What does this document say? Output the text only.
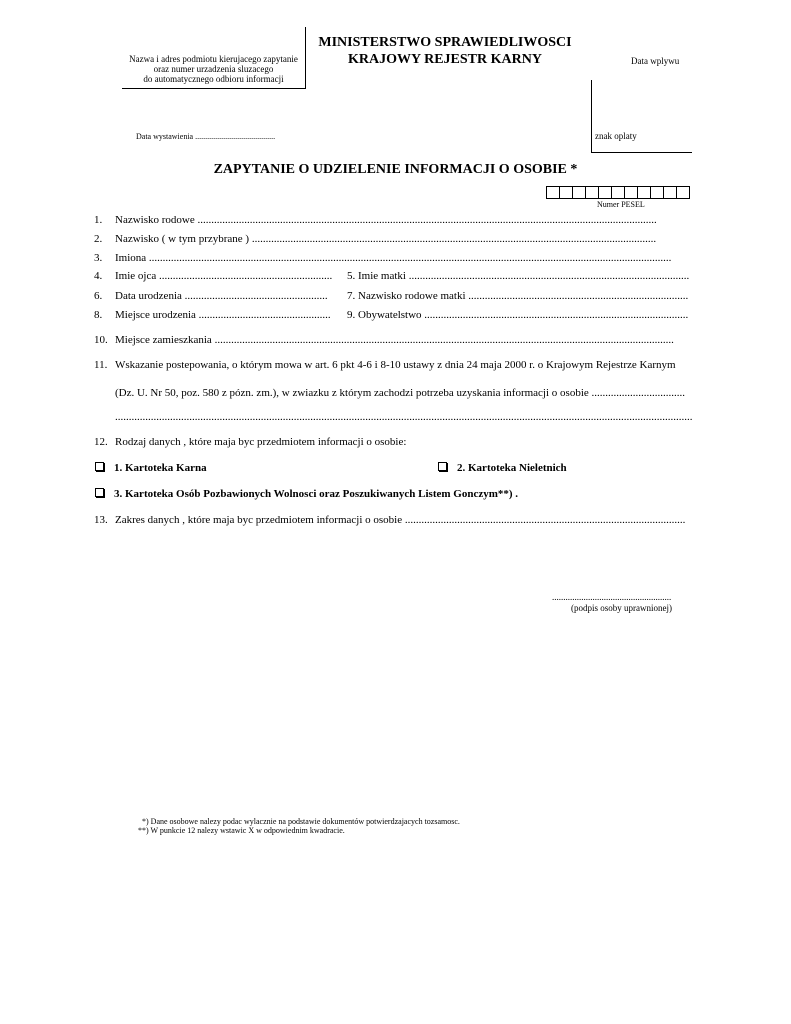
Nazwa i adres podmiotu kierujacego zapytanie
oraz numer urzadzenia sluzacego
do automatycznego odbioru informacji
MINISTERSTWO SPRAWIEDLIWOSCI
KRAJOWY REJESTR KARNY	Data wplywu
znak oplaty
Data wystawienia ........................................
ZAPYTANIE O UDZIELENIE INFORMACJI O OSOBIE *
Numer PESEL
1. Nazwisko rodowe .......................................................................................................................................................................
2. Nazwisko ( w tym przybrane ) ...................................................................................................................................................
3. Imiona ..............................................................................................................................................................................................
4. Imie ojca ............................................................... 5. Imie matki ......................................................................................................
6. Data urodzenia .................................................... 7. Nazwisko rodowe matki ................................................................................
8. Miejsce urodzenia ................................................ 9. Obywatelstwo ................................................................................................
10. Miejsce zamieszkania .......................................................................................................................................................................
11. Wskazanie postepowania, o którym mowa w art. 6 pkt 4-6 i 8-10 ustawy z dnia 24 maja 2000 r. o Krajowym Rejestrze Karnym
(Dz. U. Nr 50, poz. 580 z pózn. zm.), w zwiazku z którym zachodzi potrzeba uzyskania informacji o osobie ..................................
..................................................................................................................................................................................................................
12. Rodzaj danych , które maja byc przedmiotem informacji o osobie:
1. Kartoteka Karna	2. Kartoteka Nieletnich
3. Kartoteka Osób Pozbawionych Wolnosci oraz Poszukiwanych Listem Gonczym**) .
13. Zakres danych , które maja byc przedmiotem informacji o osobie ......................................................................................................
.....................................................
(podpis osoby uprawnionej)
*) Dane osobowe nalezy podac wylacznie na podstawie dokumentów potwierdzajacych tozsamosc.
**) W punkcie 12 nalezy wstawic X w odpowiednim kwadracie.
